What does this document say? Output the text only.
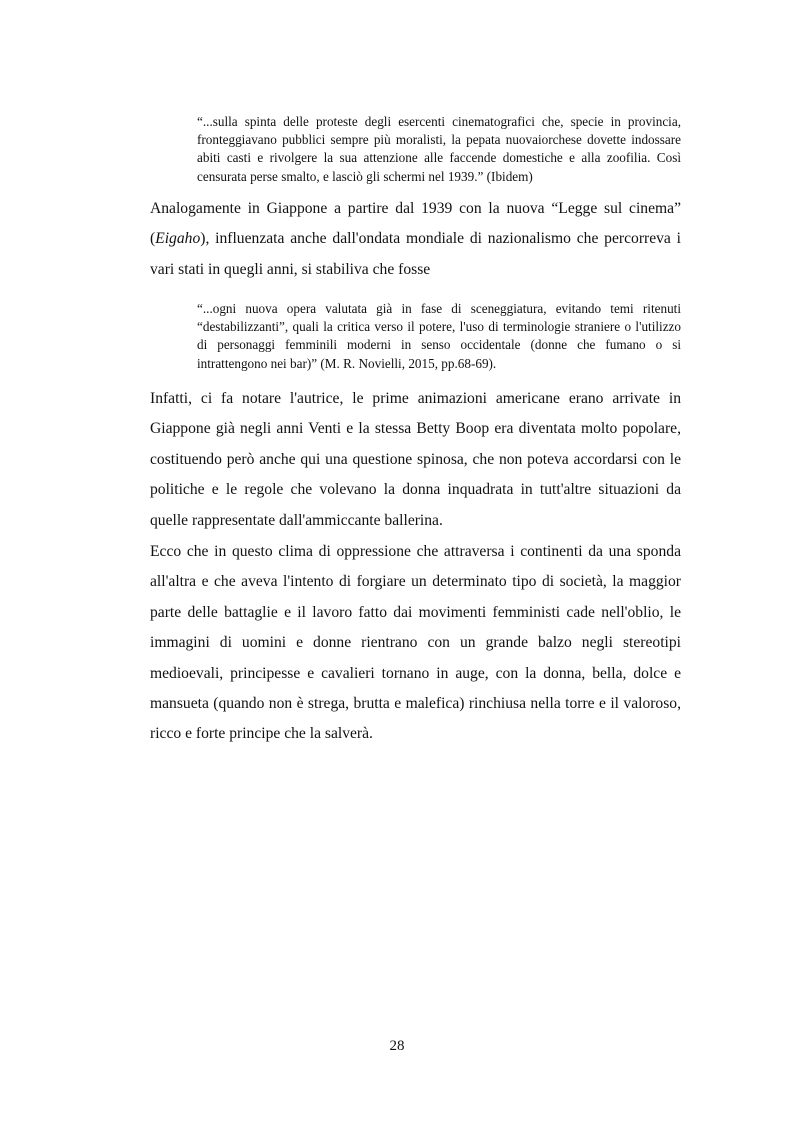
“...sulla spinta delle proteste degli esercenti cinematografici che, specie in provincia, fronteggiavano pubblici sempre più moralisti, la pepata nuovaiorchese dovette indossare abiti casti e rivolgere la sua attenzione alle faccende domestiche e alla zoofilia. Così censurata perse smalto, e lasciò gli schermi nel 1939.” (Ibidem)

Analogamente in Giappone a partire dal 1939 con la nuova “Legge sul cinema” (Eigaho), influenzata anche dall'ondata mondiale di nazionalismo che percorreva i vari stati in quegli anni, si stabiliva che fosse

“...ogni nuova opera valutata già in fase di sceneggiatura, evitando temi ritenuti “destabilizzanti”, quali la critica verso il potere, l'uso di terminologie straniere o l'utilizzo di personaggi femminili moderni in senso occidentale (donne che fumano o si intrattengono nei bar)” (M. R. Novielli, 2015, pp.68-69).

Infatti, ci fa notare l'autrice, le prime animazioni americane erano arrivate in Giappone già negli anni Venti e la stessa Betty Boop era diventata molto popolare, costituendo però anche qui una questione spinosa, che non poteva accordarsi con le politiche e le regole che volevano la donna inquadrata in tutt'altre situazioni da quelle rappresentate dall'ammiccante ballerina.

Ecco che in questo clima di oppressione che attraversa i continenti da una sponda all'altra e che aveva l'intento di forgiare un determinato tipo di società, la maggior parte delle battaglie e il lavoro fatto dai movimenti femministi cade nell'oblio, le immagini di uomini e donne rientrano con un grande balzo negli stereotipi medioevali, principesse e cavalieri tornano in auge, con la donna, bella, dolce e mansueta (quando non è strega, brutta e malefica) rinchiusa nella torre e il valoroso, ricco e forte principe che la salverà.

28
